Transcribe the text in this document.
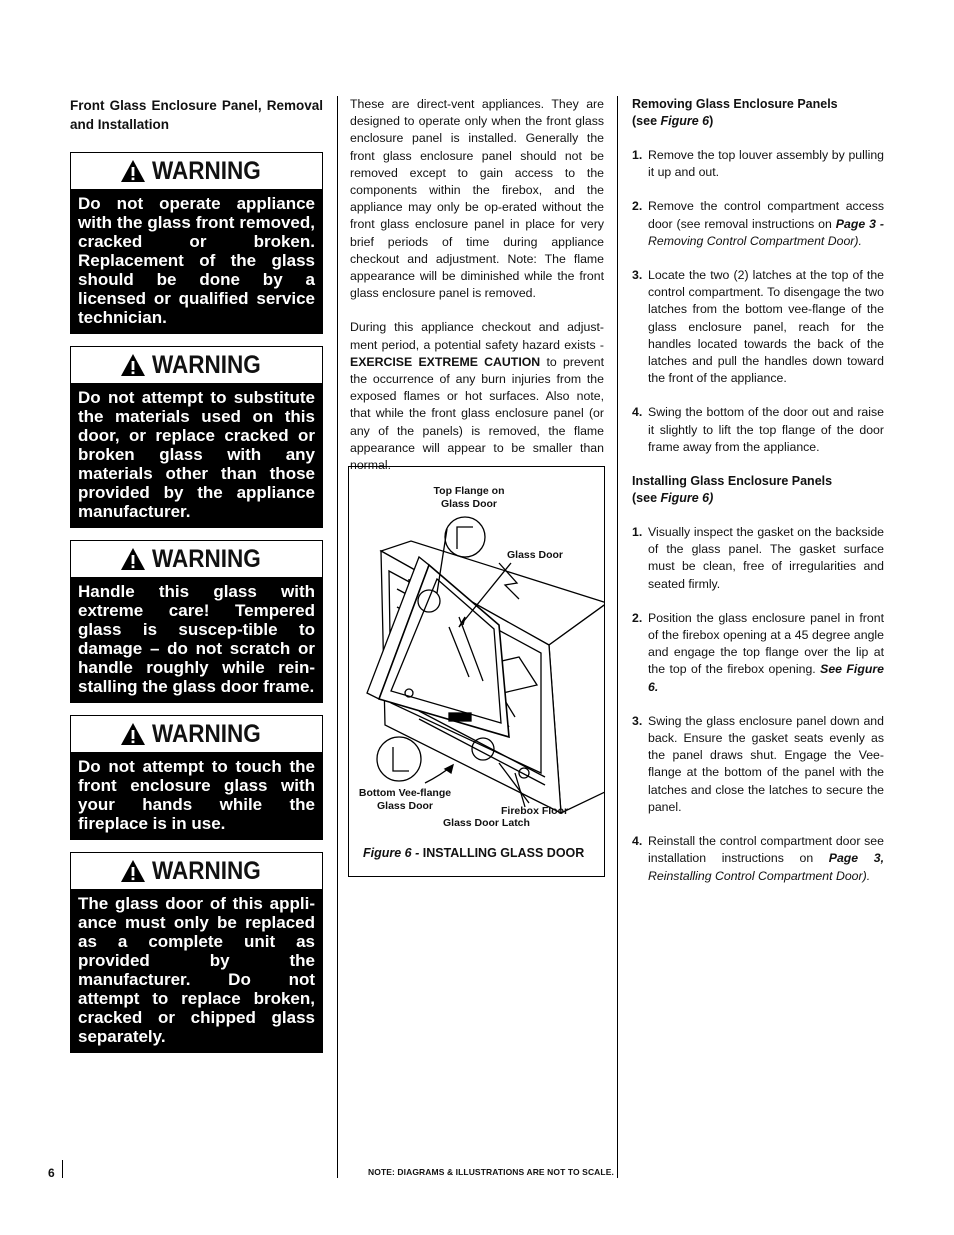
Front Glass Enclosure Panel, Removal and Installation
WARNING
Do not operate appliance with the glass front removed, cracked or broken. Replacement of the glass should be done by a licensed or qualified service technician.
WARNING
Do not attempt to substitute the materials used on this door, or replace cracked or broken glass with any materials other than those provided by the appliance manufacturer.
WARNING
Handle this glass with extreme care! Tempered glass is suscep-tible to damage – do not scratch or handle roughly while rein-stalling the glass door frame.
WARNING
Do not attempt to touch the front enclosure glass with your hands while the fireplace is in use.
WARNING
The glass door of this appli-ance must only be replaced as a complete unit as provided by the manufacturer. Do not attempt to replace broken, cracked or chipped glass separately.

These are direct-vent appliances. They are designed to operate only when the front glass enclosure panel is installed. Generally the front glass enclosure panel should not be removed except to gain access to the components within the firebox, and the appliance may only be op-erated without the front glass enclosure panel in place for very brief periods of time during appliance checkout and adjustment. Note: The flame appearance will be diminished while the front glass enclosure panel is removed.

During this appliance checkout and adjust-ment period, a potential safety hazard exists - EXERCISE EXTREME CAUTION to prevent the occurrence of any burn injuries from the exposed flames or hot surfaces. Also note, that while the front glass enclosure panel (or any of the panels) is removed, the flame appearance will appear to be smaller than normal.

Top Flange on Glass Door
Glass Door
Bottom Vee-flange Glass Door	Firebox Floor
Glass Door Latch
Figure 6 - INSTALLING GLASS DOOR
Removing Glass Enclosure Panels
(see Figure 6)
1. Remove the top louver assembly by pulling it up and out.
2. Remove the control compartment access door (see removal instructions on Page 3 - Removing Control Compartment Door).
3. Locate the two (2) latches at the top of the control compartment. To disengage the two latches from the bottom vee-flange of the glass enclosure panel, reach for the handles located towards the back of the latches and pull the handles down toward the front of the appliance.
4. Swing the bottom of the door out and raise it slightly to lift the top flange of the door frame away from the appliance.
Installing Glass Enclosure Panels
(see Figure 6)
1. Visually inspect the gasket on the backside of the glass panel. The gasket surface must be clean, free of irregularities and seated firmly.
2. Position the glass enclosure panel in front of the firebox opening at a 45 degree angle and engage the top flange over the lip at the top of the firebox opening. See Figure 6.
3. Swing the glass enclosure panel down and back. Ensure the gasket seats evenly as the panel draws shut. Engage the Vee-flange at the bottom of the panel with the latches and close the latches to secure the panel.
4. Reinstall the control compartment door see installation instructions on Page 3, Reinstalling Control Compartment Door).
6	NOTE: DIAGRAMS & ILLUSTRATIONS ARE NOT TO SCALE.
